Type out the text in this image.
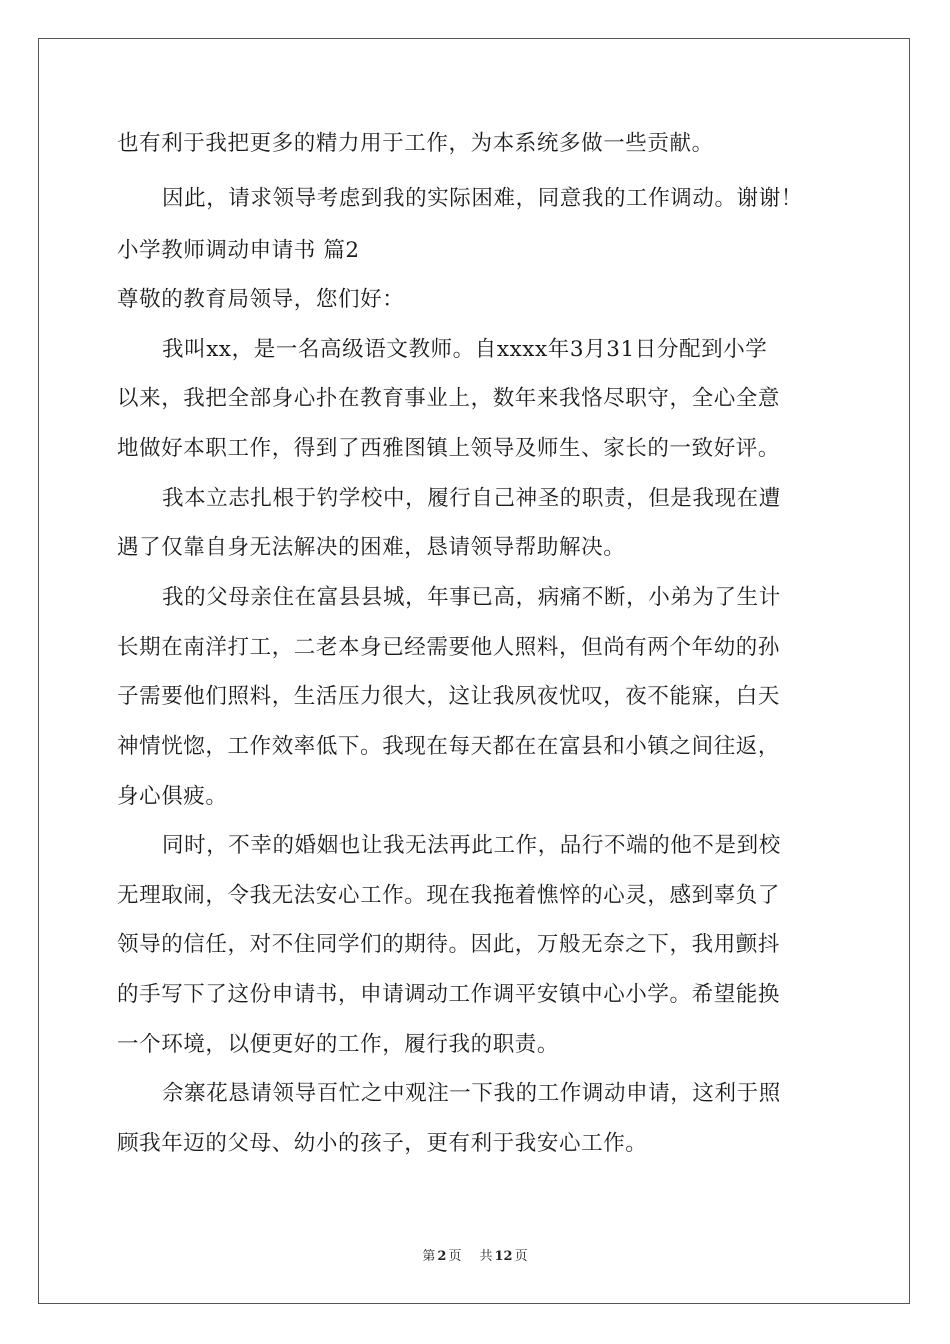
也有利于我把更多的精力用于工作，为本系统多做一些贡献。
因此，请求领导考虑到我的实际困难，同意我的工作调动。谢谢！
小学教师调动申请书 篇2
尊敬的教育局领导，您们好：
我叫xx，是一名高级语文教师。自xxxx年3月31日分配到小学
以来，我把全部身心扑在教育事业上，数年来我恪尽职守，全心全意
地做好本职工作，得到了西雅图镇上领导及师生、家长的一致好评。
我本立志扎根于钓学校中，履行自己神圣的职责，但是我现在遭
遇了仅靠自身无法解决的困难，恳请领导帮助解决。
我的父母亲住在富县县城，年事已高，病痛不断，小弟为了生计
长期在南洋打工，二老本身已经需要他人照料，但尚有两个年幼的孙
子需要他们照料，生活压力很大，这让我夙夜忧叹，夜不能寐，白天
神情恍惚，工作效率低下。我现在每天都在在富县和小镇之间往返，
身心俱疲。
同时，不幸的婚姻也让我无法再此工作，品行不端的他不是到校
无理取闹，令我无法安心工作。现在我拖着憔悴的心灵，感到辜负了
领导的信任，对不住同学们的期待。因此，万般无奈之下，我用颤抖
的手写下了这份申请书，申请调动工作调平安镇中心小学。希望能换
一个环境，以便更好的工作，履行我的职责。
佘寨花恳请领导百忙之中观注一下我的工作调动申请，这利于照
顾我年迈的父母、幼小的孩子，更有利于我安心工作。
第 2 页 共 12 页
